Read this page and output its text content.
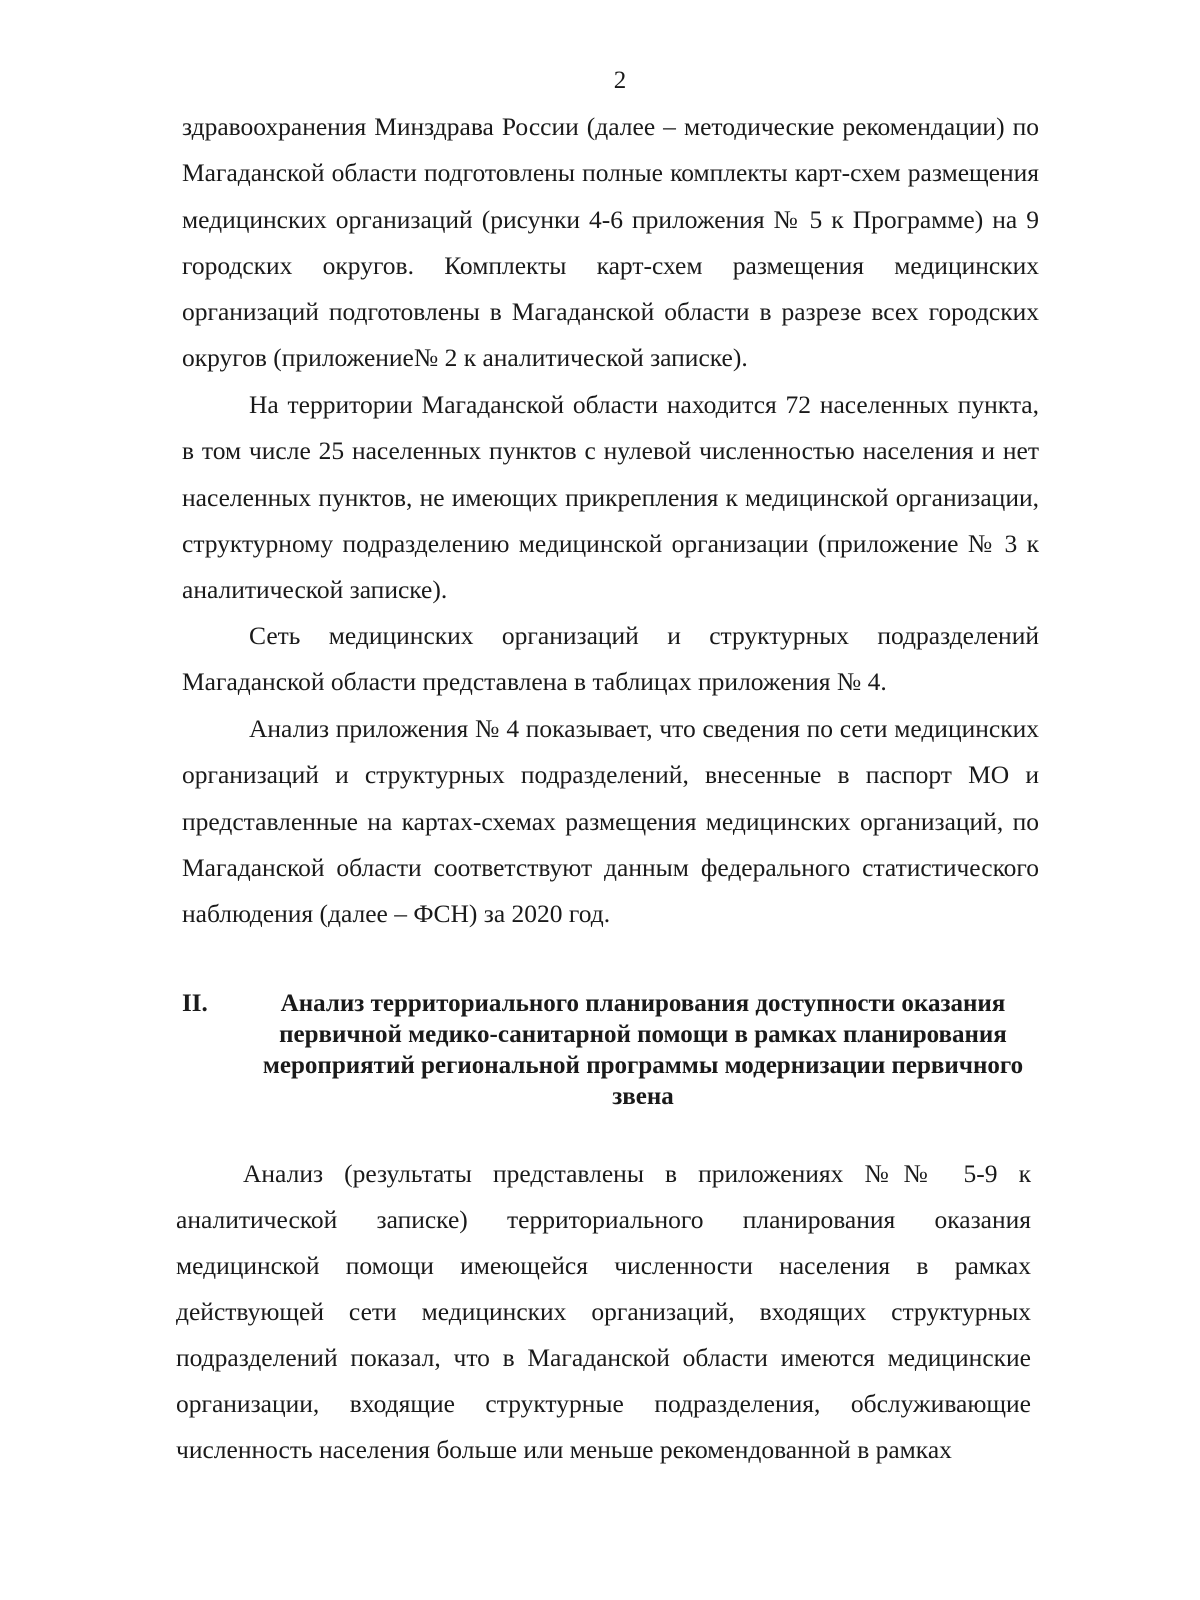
2

здравоохранения Минздрава России (далее – методические рекомендации) по Магаданской области подготовлены полные комплекты карт-схем размещения медицинских организаций (рисунки 4-6 приложения № 5 к Программе) на 9 городских округов. Комплекты карт-схем размещения медицинских организаций подготовлены в Магаданской области в разрезе всех городских округов (приложение№ 2 к аналитической записке).

На территории Магаданской области находится 72 населенных пункта, в том числе 25 населенных пунктов с нулевой численностью населения и нет населенных пунктов, не имеющих прикрепления к медицинской организации, структурному подразделению медицинской организации (приложение № 3 к аналитической записке).

Сеть медицинских организаций и структурных подразделений Магаданской области представлена в таблицах приложения № 4.

Анализ приложения № 4 показывает, что сведения по сети медицинских организаций и структурных подразделений, внесенные в паспорт МО и представленные на картах-схемах размещения медицинских организаций, по Магаданской области соответствуют данным федерального статистического наблюдения (далее – ФСН) за 2020 год.

II.	Анализ территориального планирования доступности оказания первичной медико-санитарной помощи в рамках планирования мероприятий региональной программы модернизации первичного звена

Анализ (результаты представлены в приложениях №№ 5-9 к аналитической записке) территориального планирования оказания медицинской помощи имеющейся численности населения в рамках действующей сети медицинских организаций, входящих структурных подразделений показал, что в Магаданской области имеются медицинские организации, входящие структурные подразделения, обслуживающие численность населения больше или меньше рекомендованной в рамках
